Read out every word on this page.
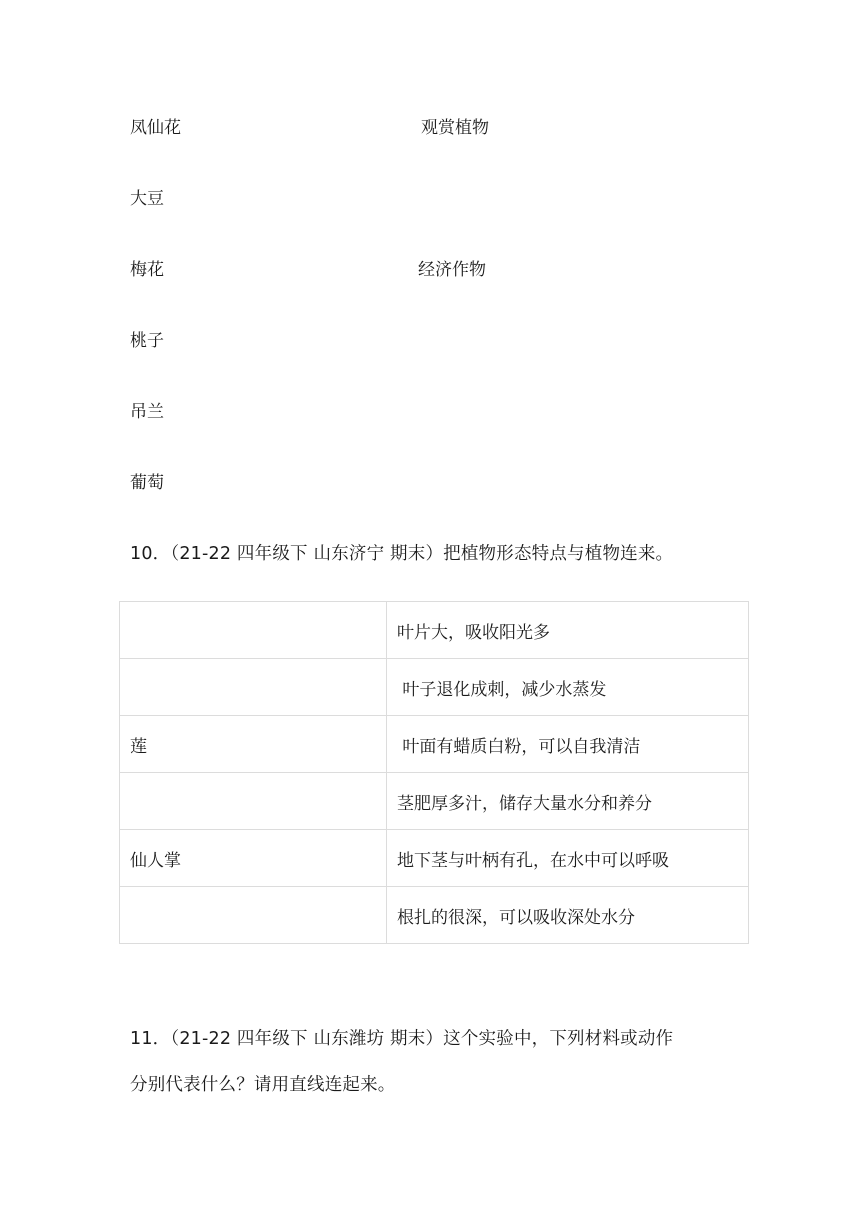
凤仙花	观赏植物
大豆
梅花	经济作物
桃子
吊兰
葡萄
10．（21-22 四年级下 山东济宁 期末）把植物形态特点与植物连来。
	叶片大，吸收阳光多
	叶子退化成刺，减少水蒸发
莲	叶面有蜡质白粉，可以自我清洁
	茎肥厚多汁，储存大量水分和养分
仙人掌	地下茎与叶柄有孔，在水中可以呼吸
	根扎的很深，可以吸收深处水分
11．（21-22 四年级下 山东潍坊 期末）这个实验中，下列材料或动作
分别代表什么？请用直线连起来。
